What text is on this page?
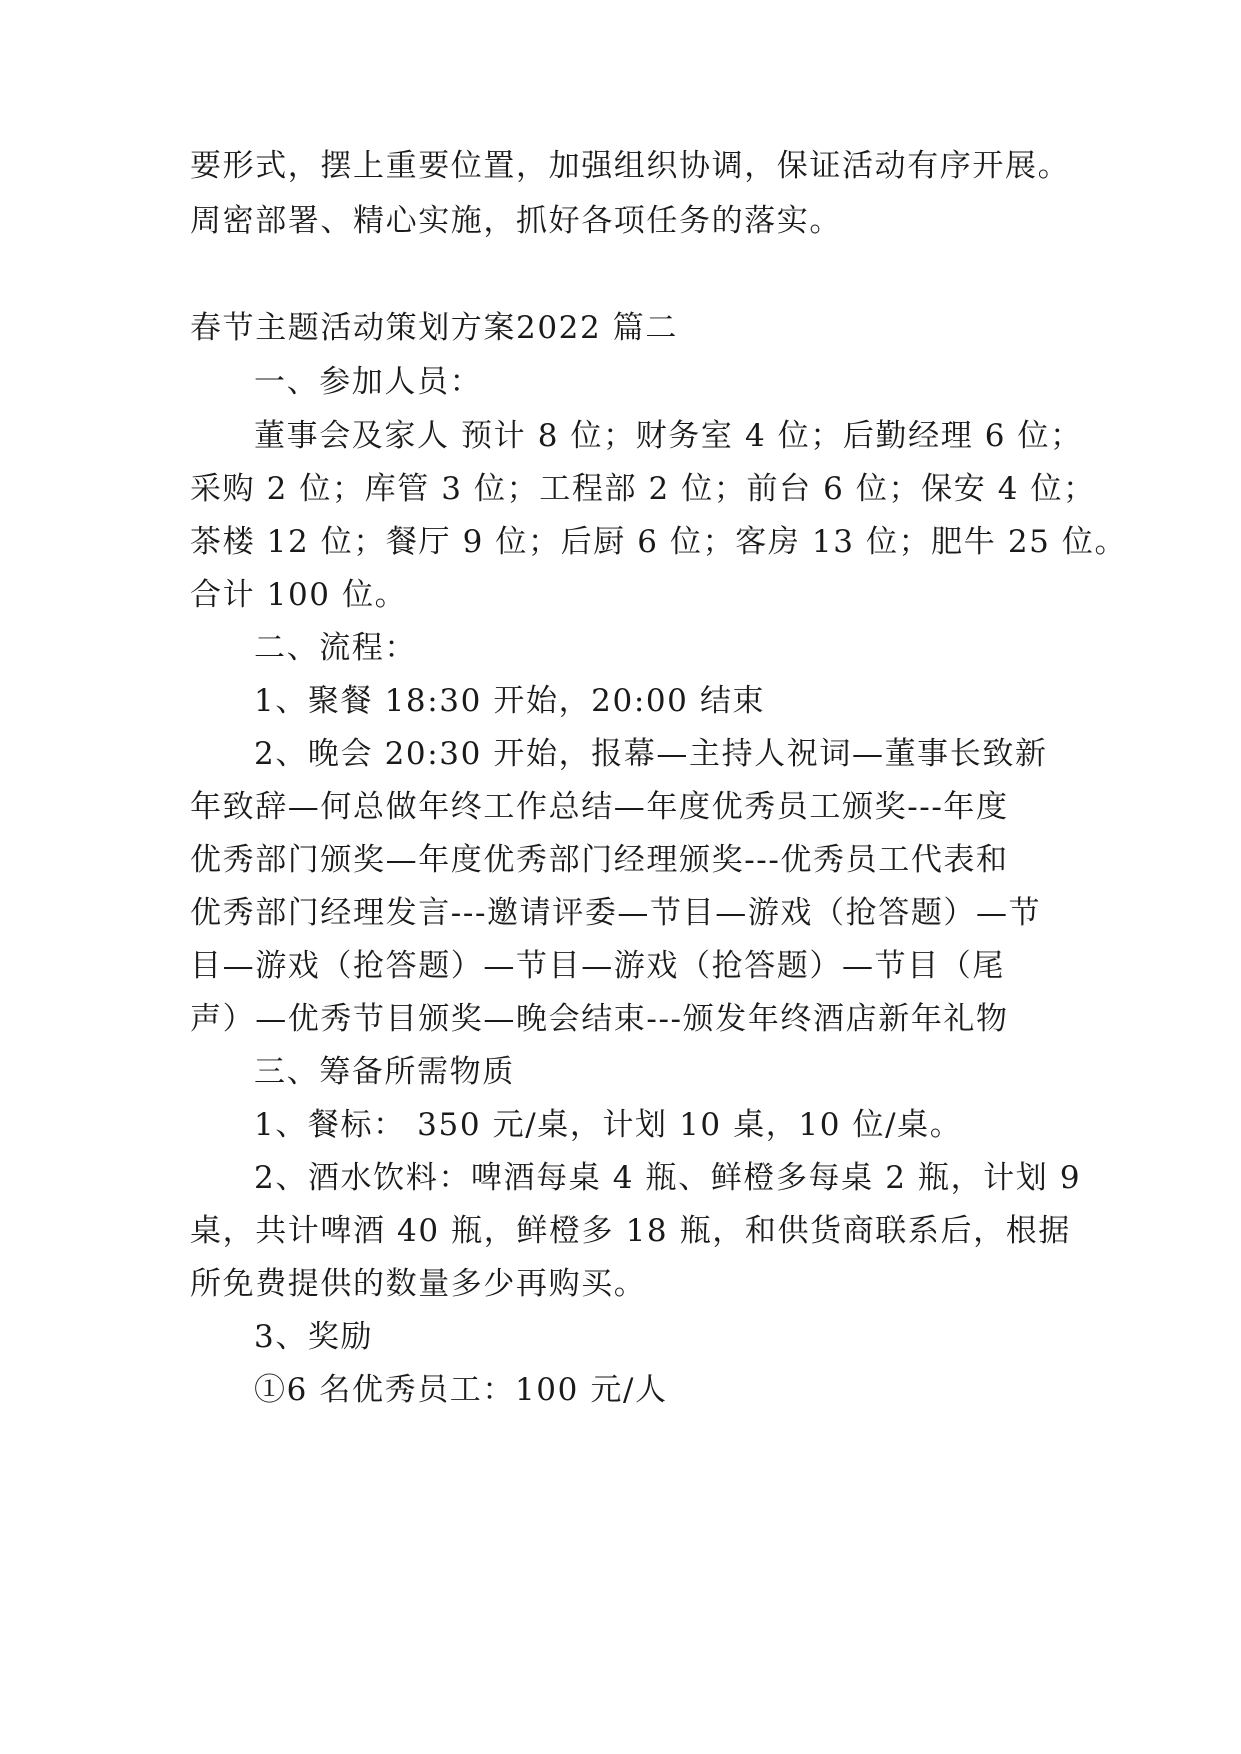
要形式，摆上重要位置，加强组织协调，保证活动有序开展。
周密部署、精心实施，抓好各项任务的落实。
春节主题活动策划方案2022 篇二
一、参加人员：
董事会及家人 预计 8 位；财务室 4 位；后勤经理 6 位；
采购 2 位；库管 3 位；工程部 2 位；前台 6 位；保安 4 位；
茶楼 12 位；餐厅 9 位；后厨 6 位；客房 13 位；肥牛 25 位。
合计 100 位。
二、流程：
1、聚餐 18:30 开始，20:00 结束
2、晚会 20:30 开始，报幕—主持人祝词—董事长致新
年致辞—何总做年终工作总结—年度优秀员工颁奖---年度
优秀部门颁奖—年度优秀部门经理颁奖---优秀员工代表和
优秀部门经理发言---邀请评委—节目—游戏（抢答题）—节
目—游戏（抢答题）—节目—游戏（抢答题）—节目（尾
声）—优秀节目颁奖—晚会结束---颁发年终酒店新年礼物
三、筹备所需物质
1、餐标： 350 元/桌，计划 10 桌，10 位/桌。
2、酒水饮料：啤酒每桌 4 瓶、鲜橙多每桌 2 瓶，计划 9
桌，共计啤酒 40 瓶，鲜橙多 18 瓶，和供货商联系后，根据
所免费提供的数量多少再购买。
3、奖励
①6 名优秀员工：100 元/人
